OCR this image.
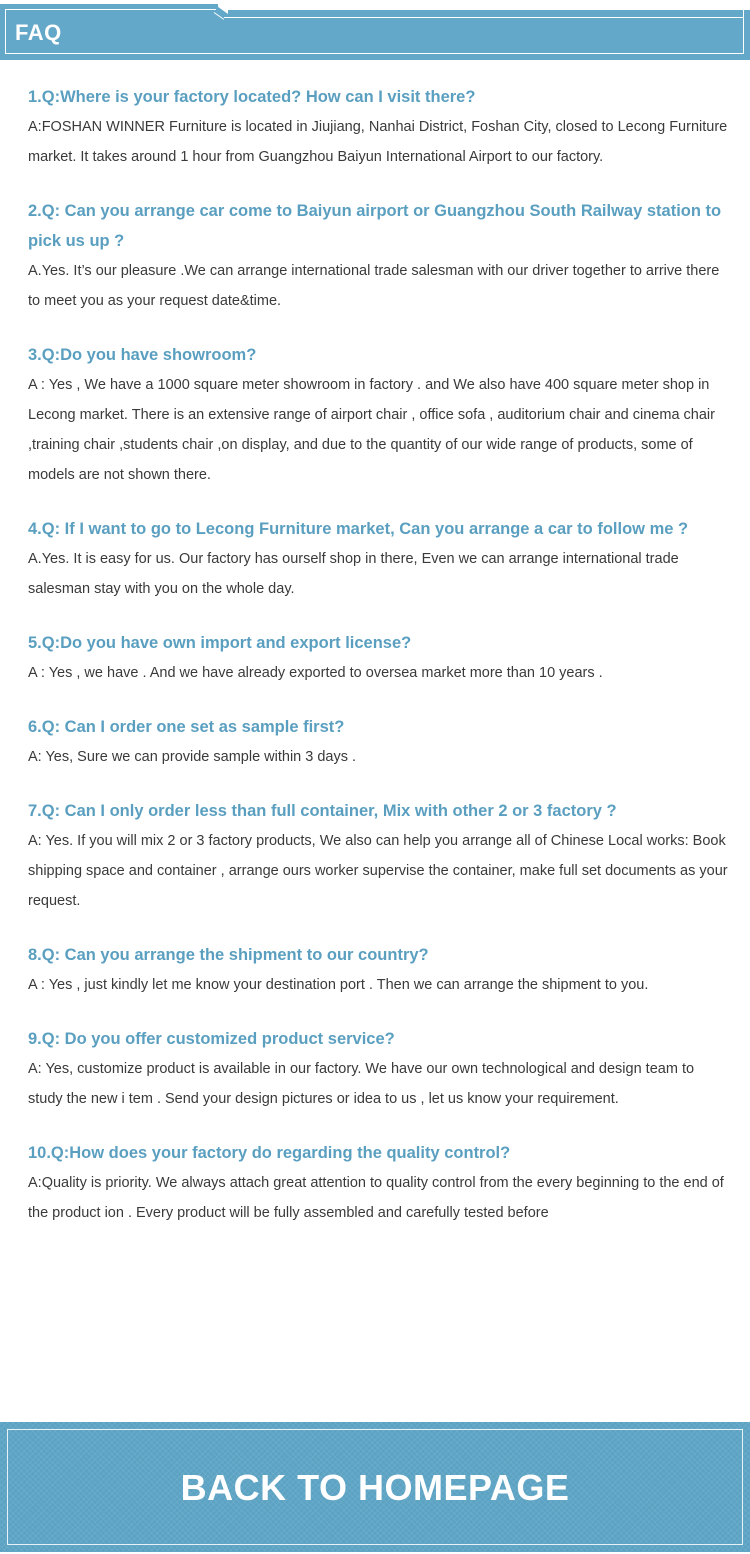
FAQ

1.Q:Where is your factory located? How can I visit there?

A:FOSHAN WINNER Furniture is located in Jiujiang, Nanhai District, Foshan City, closed to Lecong Furniture market. It takes around 1 hour from Guangzhou Baiyun International Airport to our factory.

2.Q: Can you arrange car come to Baiyun airport or Guangzhou South Railway station to pick us up ?

A.Yes. It’s our pleasure .We can arrange international trade salesman with our driver together to arrive there to meet you as your request date&time.

3.Q:Do you have showroom?

A : Yes , We have a 1000 square meter showroom in factory . and We also have 400 square meter shop in Lecong market. There is an extensive range of airport chair , office sofa , auditorium chair and cinema chair ,training chair ,students chair ,on display, and due to the quantity of our wide range of products, some of models are not shown there.

4.Q: If I want to go to Lecong Furniture market, Can you arrange a car to follow me ?

A.Yes. It is easy for us. Our factory has ourself shop in there, Even we can arrange international trade salesman stay with you on the whole day.

5.Q:Do you have own import and export license?

A : Yes , we have . And we have already exported to oversea market more than 10 years .

6.Q: Can I order one set as sample first?

A: Yes, Sure we can provide sample within 3 days .

7.Q: Can I only order less than full container, Mix with other 2 or 3 factory ?

A: Yes. If you will mix 2 or 3 factory products, We also can help you arrange all of Chinese Local works: Book shipping space and container , arrange ours worker supervise the container, make full set documents as your request.

8.Q: Can you arrange the shipment to our country?

A : Yes , just kindly let me know your destination port . Then we can arrange the shipment to you.

9.Q: Do you offer customized product service?

A: Yes, customize product is available in our factory. We have our own technological and design team to study the new i tem . Send your design pictures or idea to us , let us know your requirement.

10.Q:How does your factory do regarding the quality control?

A:Quality is priority. We always attach great attention to quality control from the every beginning to the end of the product ion . Every product will be fully assembled and carefully tested before

BACK TO HOMEPAGE
